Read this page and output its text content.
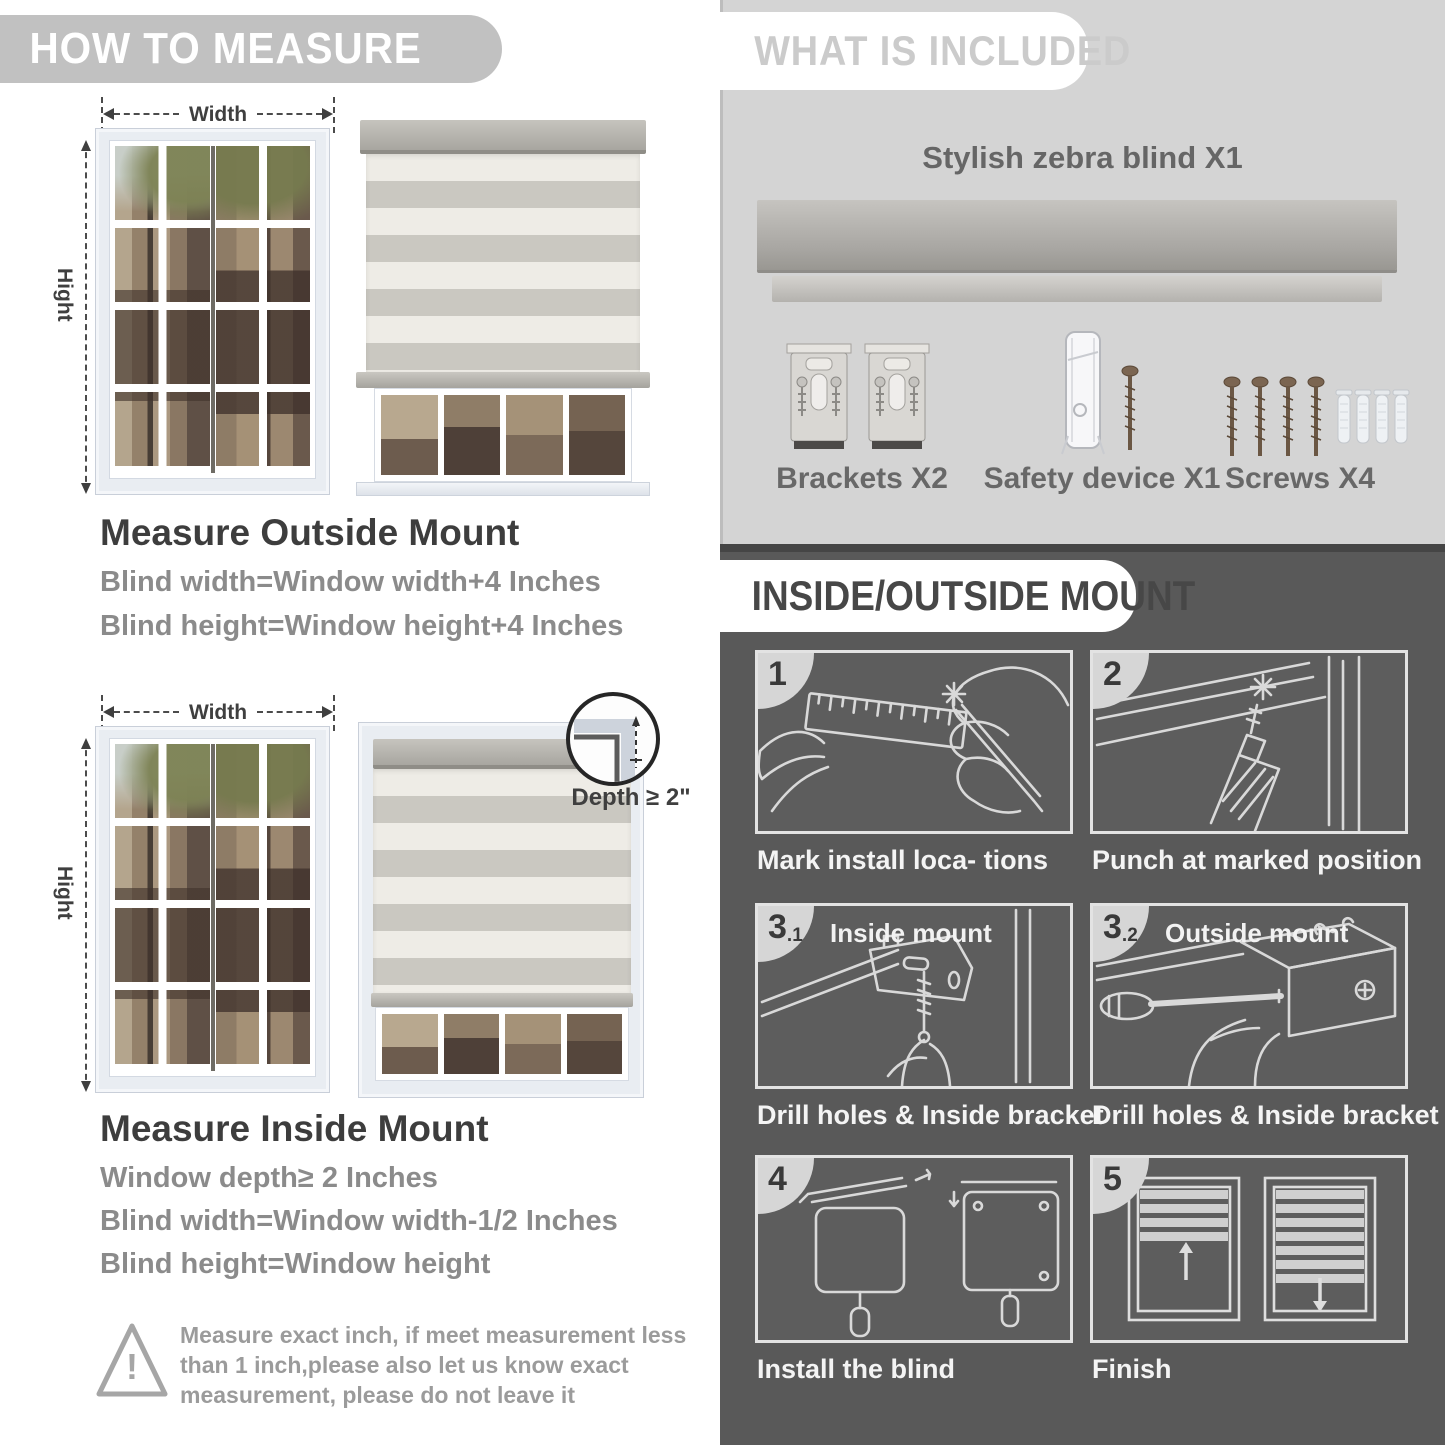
HOW TO MEASURE
Width
Hight
Measure Outside Mount
Blind width=Window width+4 Inches
Blind height=Window height+4 Inches
Width
Hight
Depth ≥ 2"
Measure Inside Mount
Window depth≥ 2 Inches
Blind width=Window width-1/2 Inches
Blind height=Window height
!
Measure exact inch, if meet measurement less
than 1 inch,please also let us know exact
measurement, please do not leave it
WHAT IS INCLUDED
Stylish zebra blind X1
Brackets X2	Safety device X1 Screws X4
INSIDE/OUTSIDE MOUNT
1
Mark install loca- tions
2
Punch at marked position
3 .1 Inside mount
Drill holes & Inside bracket
3 .2 Outside mount
Drill holes & Inside bracket
4
Install the blind
5
Finish
